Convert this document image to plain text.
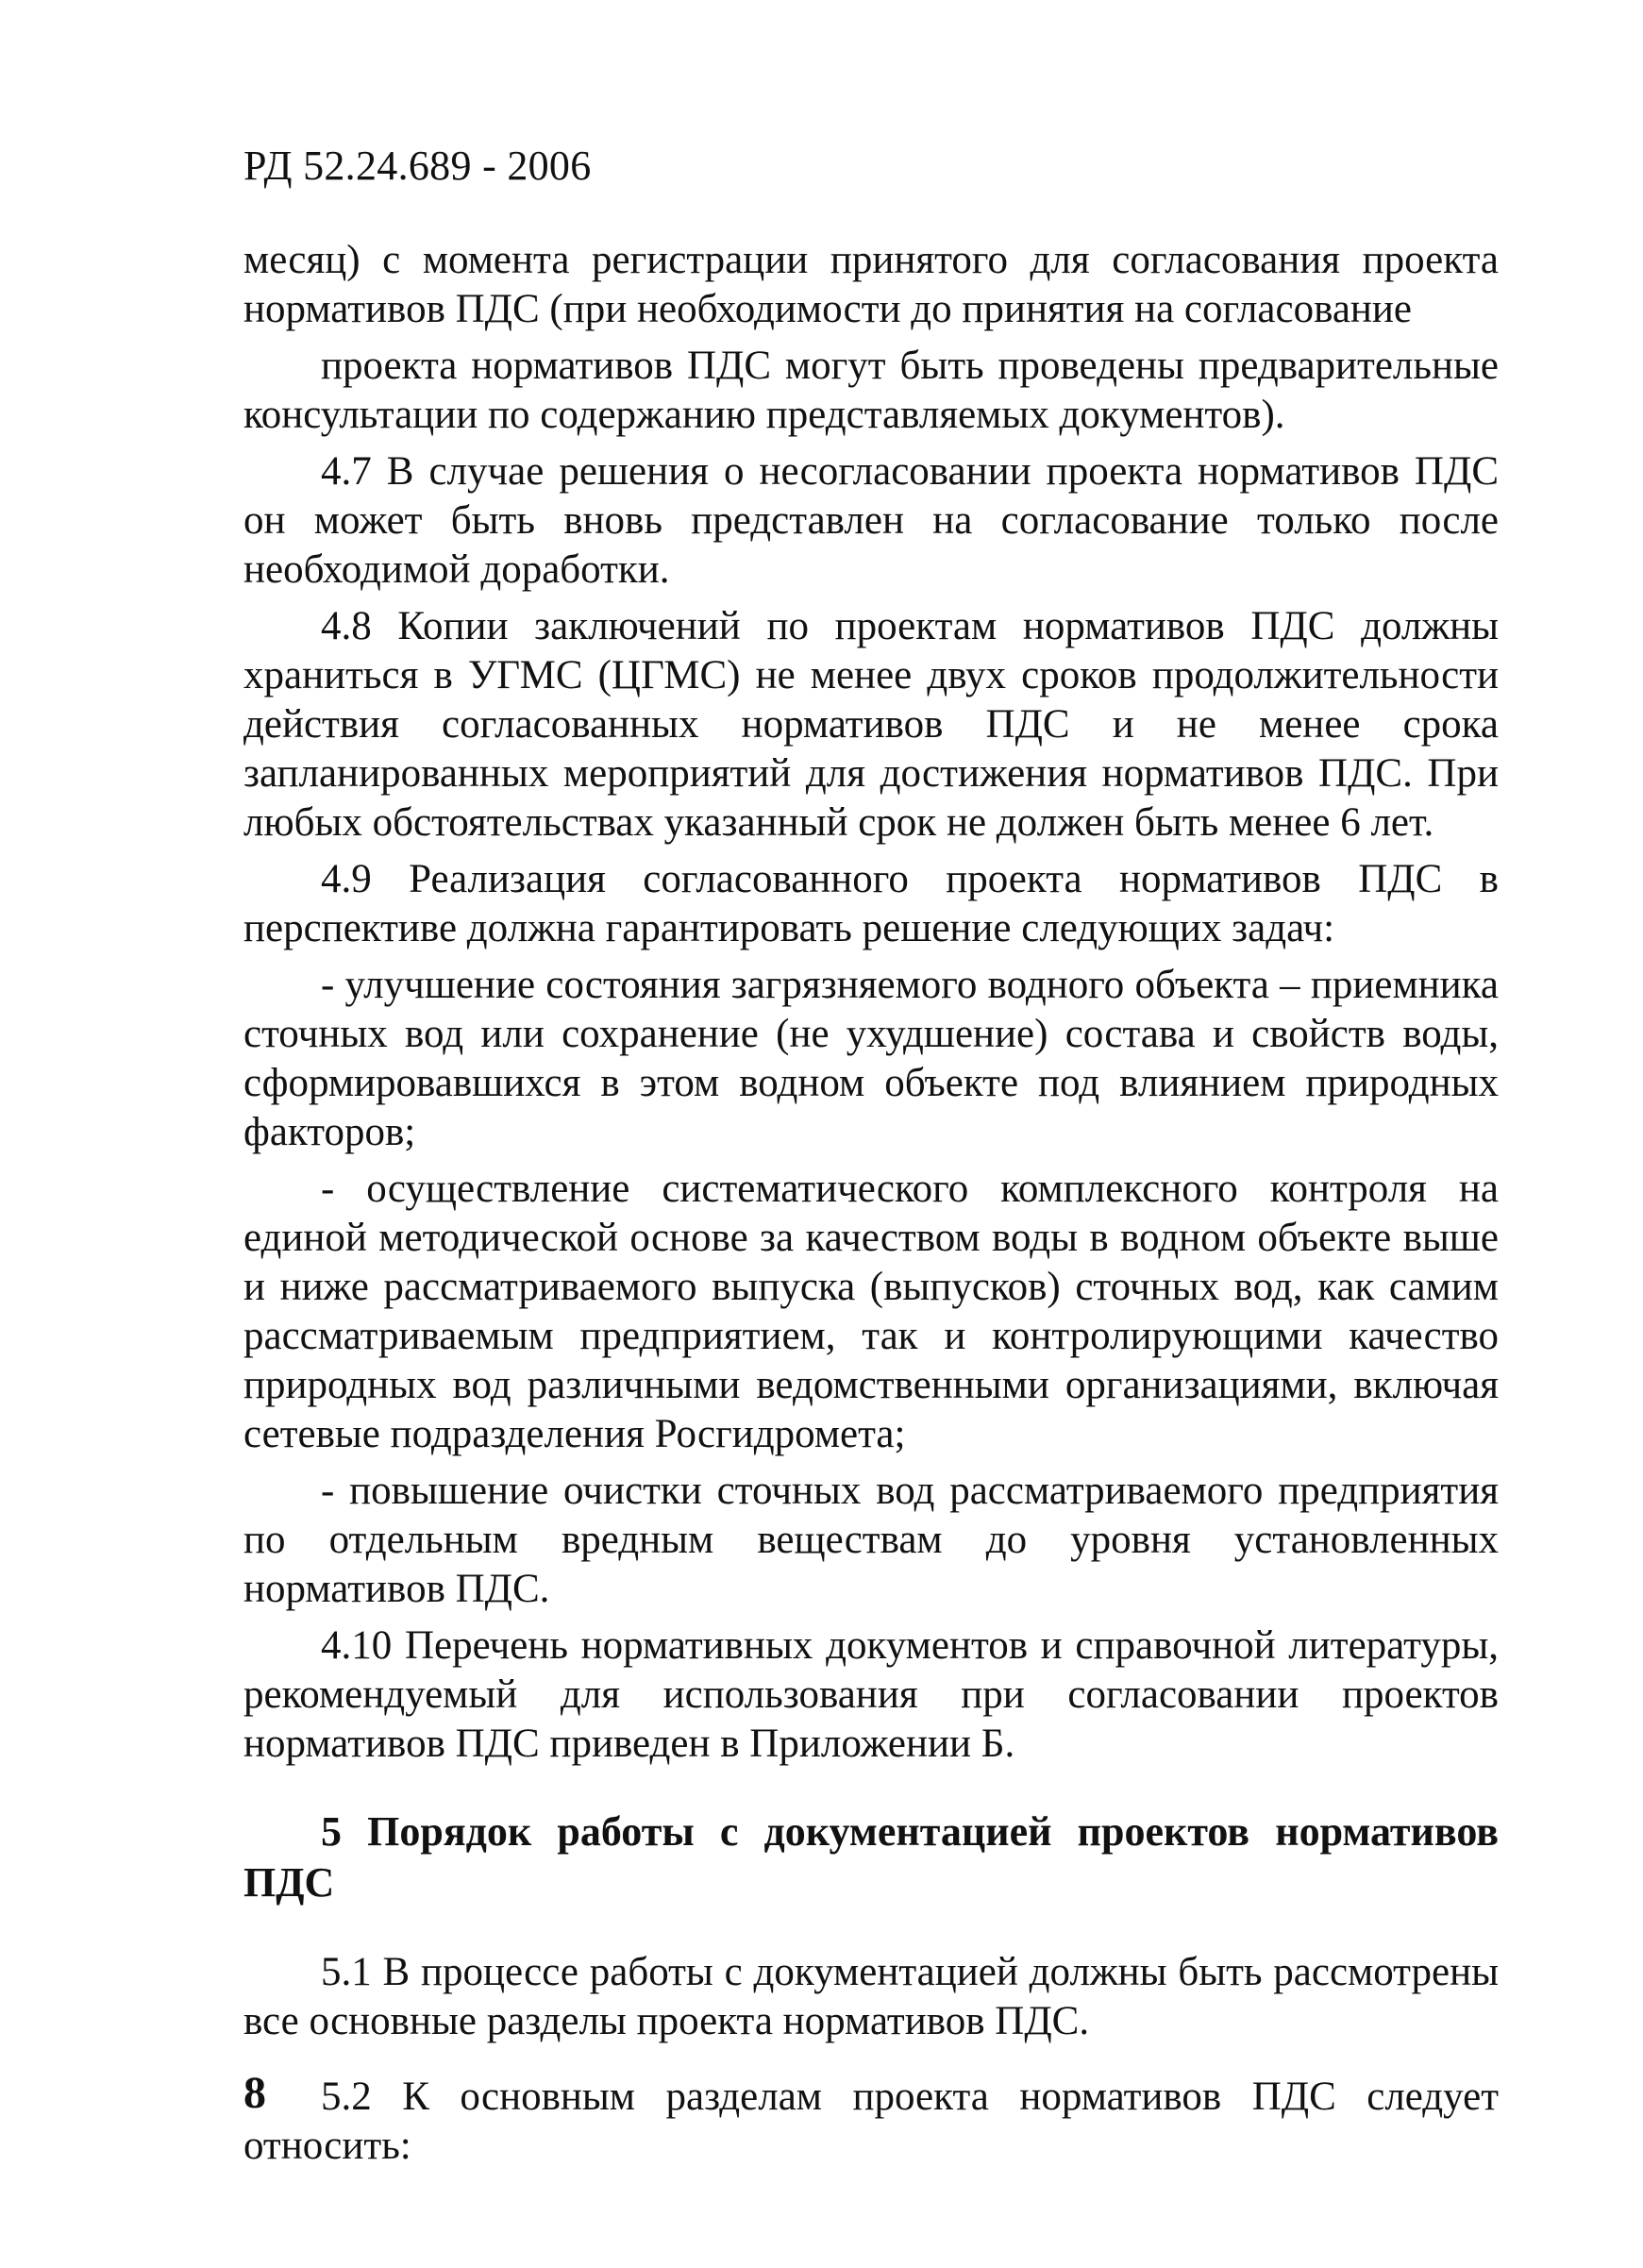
РД 52.24.689 - 2006

месяц) с момента регистрации принятого для согласования проекта нормативов ПДС (при необходимости до принятия на согласование

проекта нормативов ПДС могут быть проведены предварительные консультации по содержанию представляемых документов).

4.7 В случае решения о несогласовании проекта нормативов ПДС он может быть вновь представлен на согласование только после необходимой доработки.

4.8 Копии заключений по проектам нормативов ПДС должны храниться в УГМС (ЦГМС) не менее двух сроков продолжительности действия согласованных нормативов ПДС и не менее срока запланированных мероприятий для достижения нормативов ПДС. При любых обстоятельствах указанный срок не должен быть менее 6 лет.

4.9 Реализация согласованного проекта нормативов ПДС в перспективе должна гарантировать решение следующих задач:

- улучшение состояния загрязняемого водного объекта – приемника сточных вод или сохранение (не ухудшение) состава и свойств воды, сформировавшихся в этом водном объекте под влиянием природных факторов;

- осуществление систематического комплексного контроля на единой методической основе за качеством воды в водном объекте выше и ниже рассматриваемого выпуска (выпусков) сточных вод, как самим рассматриваемым предприятием, так и контролирующими качество природных вод различными ведомственными организациями, включая сетевые подразделения Росгидромета;

- повышение очистки сточных вод рассматриваемого предприятия по отдельным вредным веществам до уровня установленных нормативов ПДС.

4.10 Перечень нормативных документов и справочной литературы, рекомендуемый для использования при согласовании проектов нормативов ПДС приведен в Приложении Б.

5 Порядок работы с документацией проектов нормативов ПДС

5.1 В процессе работы с документацией должны быть рассмотрены все основные разделы проекта нормативов ПДС.

5.2 К основным разделам проекта нормативов ПДС следует относить:

8
